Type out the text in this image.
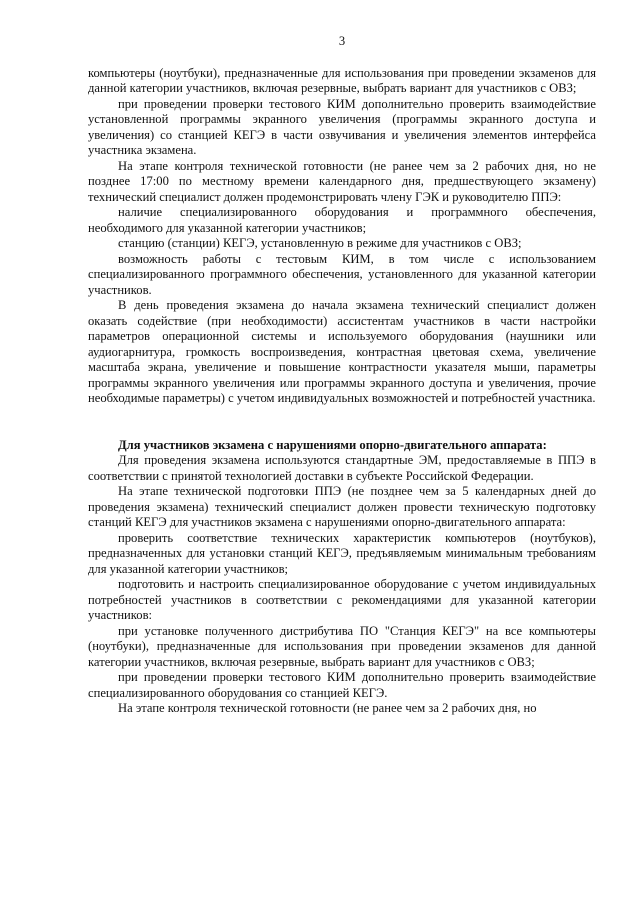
3

компьютеры (ноутбуки), предназначенные для использования при проведении экзаменов для данной категории участников, включая резервные, выбрать вариант для участников с ОВЗ;

при проведении проверки тестового КИМ дополнительно проверить взаимодействие установленной программы экранного увеличения (программы экранного доступа и увеличения) со станцией КЕГЭ в части озвучивания и увеличения элементов интерфейса участника экзамена.

На этапе контроля технической готовности (не ранее чем за 2 рабочих дня, но не позднее 17:00 по местному времени календарного дня, предшествующего экзамену) технический специалист должен продемонстрировать члену ГЭК и руководителю ППЭ:

наличие специализированного оборудования и программного обеспечения, необходимого для указанной категории участников;

станцию (станции) КЕГЭ, установленную в режиме для участников с ОВЗ;

возможность работы с тестовым КИМ, в том числе с использованием специализированного программного обеспечения, установленного для указанной категории участников.

В день проведения экзамена до начала экзамена технический специалист должен оказать содействие (при необходимости) ассистентам участников в части настройки параметров операционной системы и используемого оборудования (наушники или аудиогарнитура, громкость воспроизведения, контрастная цветовая схема, увеличение масштаба экрана, увеличение и повышение контрастности указателя мыши, параметры программы экранного увеличения или программы экранного доступа и увеличения, прочие необходимые параметры) с учетом индивидуальных возможностей и потребностей участника.

Для участников экзамена с нарушениями опорно-двигательного аппарата:

Для проведения экзамена используются стандартные ЭМ, предоставляемые в ППЭ в соответствии с принятой технологией доставки в субъекте Российской Федерации.

На этапе технической подготовки ППЭ (не позднее чем за 5 календарных дней до проведения экзамена) технический специалист должен провести техническую подготовку станций КЕГЭ для участников экзамена с нарушениями опорно-двигательного аппарата:

проверить соответствие технических характеристик компьютеров (ноутбуков), предназначенных для установки станций КЕГЭ, предъявляемым минимальным требованиям для указанной категории участников;

подготовить и настроить специализированное оборудование с учетом индивидуальных потребностей участников в соответствии с рекомендациями для указанной категории участников:

при установке полученного дистрибутива ПО "Станция КЕГЭ" на все компьютеры (ноутбуки), предназначенные для использования при проведении экзаменов для данной категории участников, включая резервные, выбрать вариант для участников с ОВЗ;

при проведении проверки тестового КИМ дополнительно проверить взаимодействие специализированного оборудования со станцией КЕГЭ.

На этапе контроля технической готовности (не ранее чем за 2 рабочих дня, но
